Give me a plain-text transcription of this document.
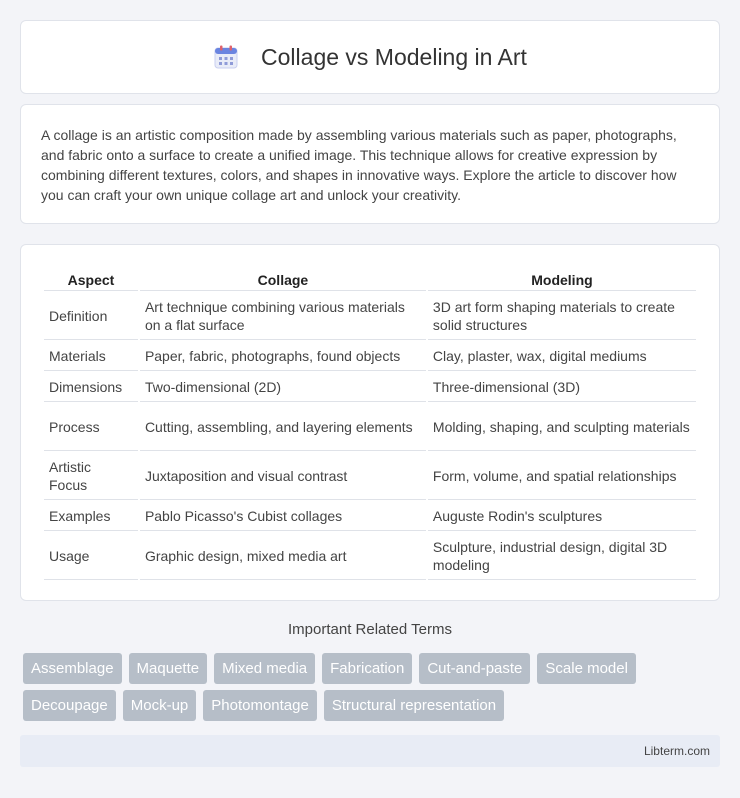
Collage vs Modeling in Art

A collage is an artistic composition made by assembling various materials such as paper, photographs, and fabric onto a surface to create a unified image. This technique allows for creative expression by combining different textures, colors, and shapes in innovative ways. Explore the article to discover how you can craft your own unique collage art and unlock your creativity.

Aspect	Collage	Modeling
Definition	Art technique combining various materials on a flat surface	3D art form shaping materials to create solid structures
Materials	Paper, fabric, photographs, found objects	Clay, plaster, wax, digital mediums
Dimensions	Two-dimensional (2D)	Three-dimensional (3D)
Process	Cutting, assembling, and layering elements	Molding, shaping, and sculpting materials
Artistic Focus	Juxtaposition and visual contrast	Form, volume, and spatial relationships
Examples	Pablo Picasso's Cubist collages	Auguste Rodin's sculptures
Usage	Graphic design, mixed media art	Sculpture, industrial design, digital 3D modeling
Important Related Terms
Assemblage	Maquette	Mixed media	Fabrication	Cut-and-paste	Scale model
Decoupage	Mock-up	Photomontage	Structural representation
Libterm.com
